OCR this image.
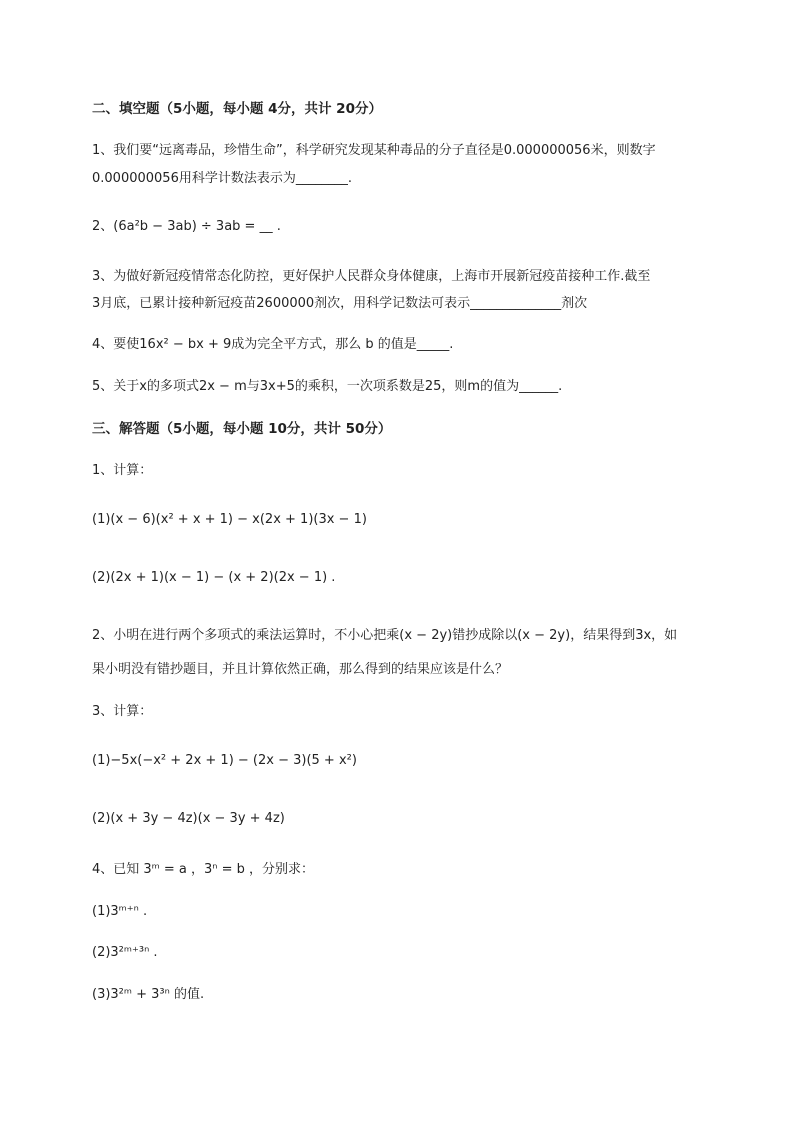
二、填空题（5小题，每小题 4分，共计 20分）
1、我们要“远离毒品，珍惜生命”，科学研究发现某种毒品的分子直径是0.000000056米，则数字
0.000000056用科学计数法表示为________.
2、(6a²b − 3ab) ÷ 3ab = __ .
3、为做好新冠疫情常态化防控，更好保护人民群众身体健康，上海市开展新冠疫苗接种工作.截至
3月底，已累计接种新冠疫苗2600000剂次，用科学记数法可表示______________剂次
4、要使16x² − bx + 9成为完全平方式，那么 b 的值是_____.
5、关于x的多项式2x − m与3x+5的乘积，一次项系数是25，则m的值为______.
三、解答题（5小题，每小题 10分，共计 50分）
1、计算：
(1)(x − 6)(x² + x + 1) − x(2x + 1)(3x − 1)
(2)(2x + 1)(x − 1) − (x + 2)(2x − 1) .
2、小明在进行两个多项式的乘法运算时，不小心把乘(x − 2y)错抄成除以(x − 2y)，结果得到3x，如
果小明没有错抄题目，并且计算依然正确，那么得到的结果应该是什么？
3、计算：
(1)−5x(−x² + 2x + 1) − (2x − 3)(5 + x²)
(2)(x + 3y − 4z)(x − 3y + 4z)
4、已知 3ᵐ = a ，3ⁿ = b ，分别求：
(1)3ᵐ⁺ⁿ .
(2)3²ᵐ⁺³ⁿ .
(3)3²ᵐ + 3³ⁿ 的值.
